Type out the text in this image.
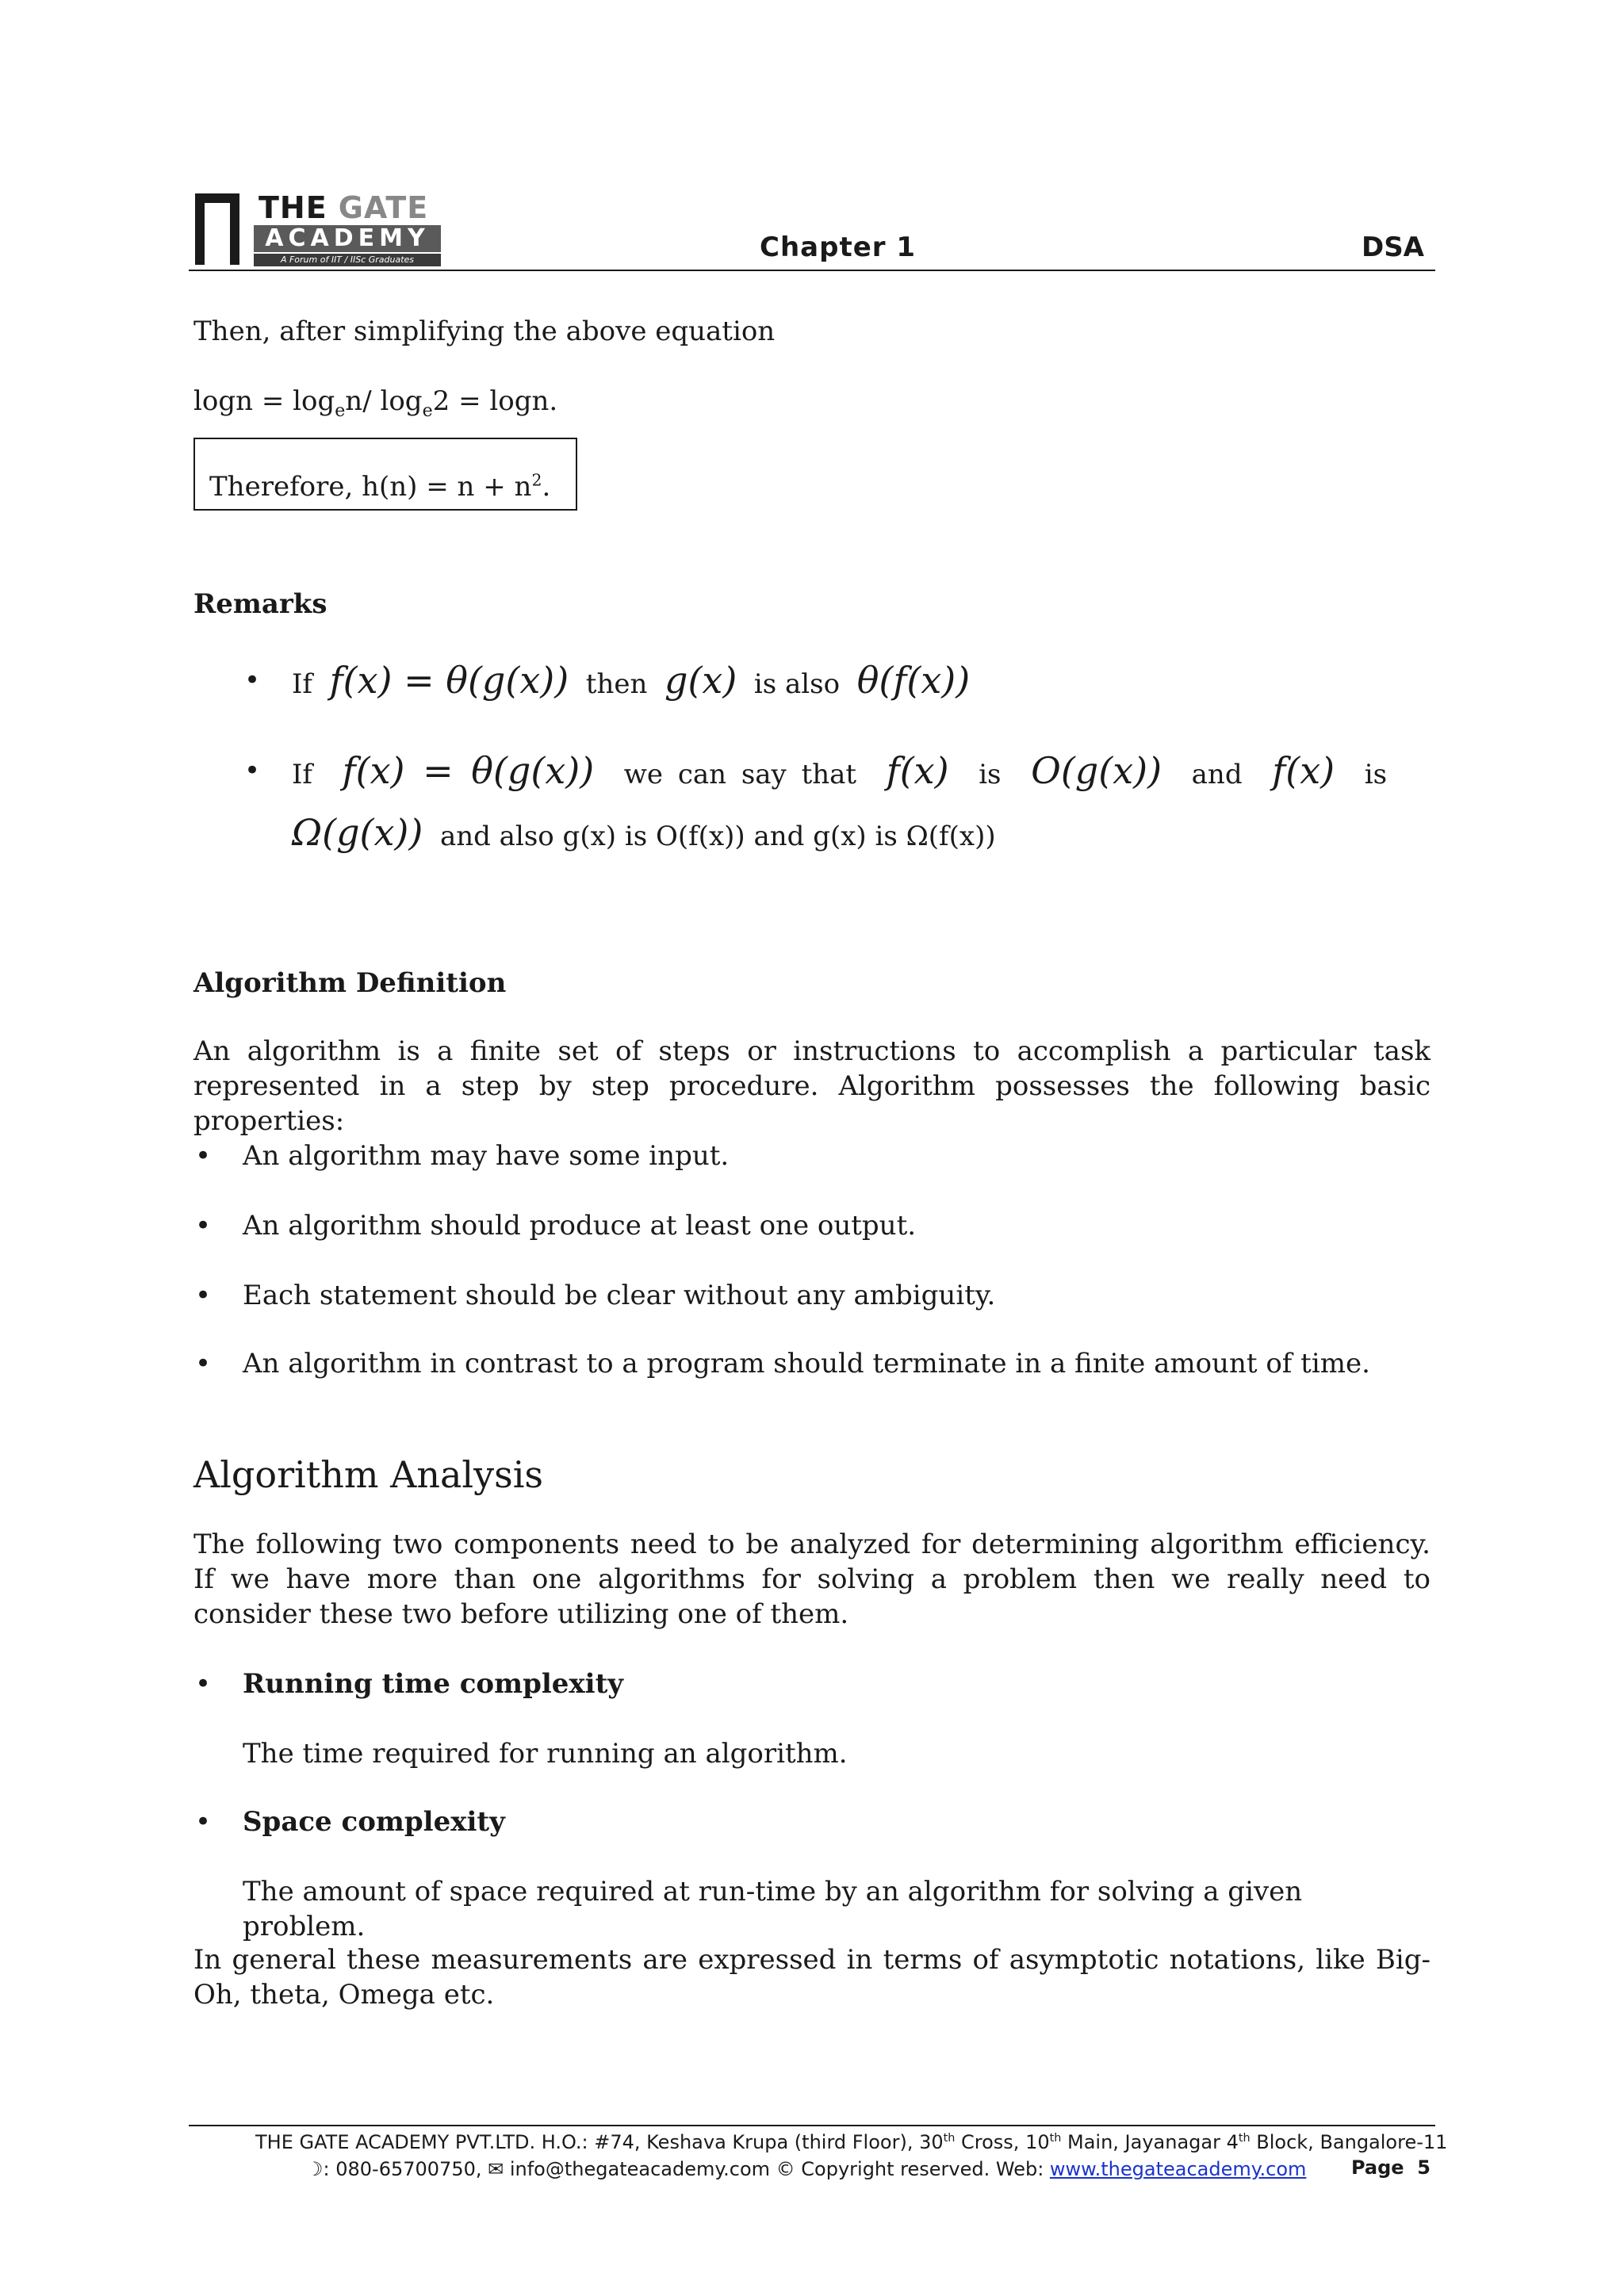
THE GATE
ACADEMY
A Forum of IIT / IISc Graduates	Chapter 1	DSA
Then, after simplifying the above equation
$\log n = \log_en/$ $\log_e2 = \log n$.
Therefore, $h(n) = n + n^2$.
Remarks
• If f(x) = θ(g(x)) then g(x) is also θ(f(x))
• If f(x) = θ(g(x)) we can say that f(x) is O(g(x)) and f(x) is
Ω(g(x)) and also g(x) is O(f(x)) and g(x) is Ω(f(x))
Algorithm Definition
An algorithm is a finite set of steps or instructions to accomplish a particular task represented in a step by step procedure. Algorithm possesses the following basic properties:
• An algorithm may have some input.
• An algorithm should produce at least one output.
• Each statement should be clear without any ambiguity.
• An algorithm in contrast to a program should terminate in a finite amount of time.
Algorithm Analysis
The following two components need to be analyzed for determining algorithm efficiency. If we have more than one algorithms for solving a problem then we really need to consider these two before utilizing one of them.
• Running time complexity
The time required for running an algorithm.
• Space complexity
The amount of space required at run-time by an algorithm for solving a given problem.
In general these measurements are expressed in terms of asymptotic notations, like Big-Oh, theta, Omega etc.
THE GATE ACADEMY PVT.LTD. H.O.: #74, Keshava Krupa (third Floor), 30th Cross, 10th Main, Jayanagar 4th Block, Bangalore-11
☽: 080-65700750, ✉ info@thegateacademy.com © Copyright reserved. Web: www.thegateacademy.com Page 5
